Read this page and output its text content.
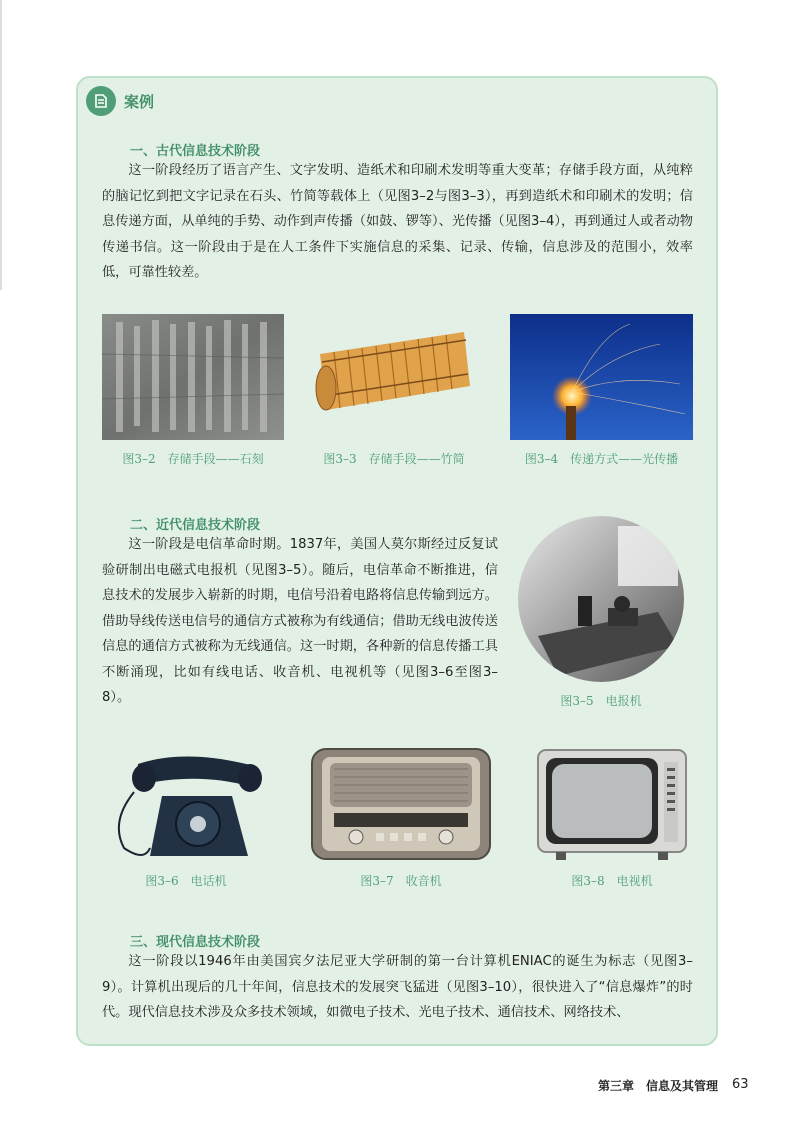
案例
一、古代信息技术阶段

这一阶段经历了语言产生、文字发明、造纸术和印刷术发明等重大变革；存储手段方面，从纯粹的脑记忆到把文字记录在石头、竹简等载体上（见图3–2与图3–3），再到造纸术和印刷术的发明；信息传递方面，从单纯的手势、动作到声传播（如鼓、锣等）、光传播（见图3–4），再到通过人或者动物传递书信。这一阶段由于是在人工条件下实施信息的采集、记录、传输，信息涉及的范围小，效率低，可靠性较差。

图3–2　存储手段——石刻	图3–3　存储手段——竹简	图3–4　传递方式——光传播
二、近代信息技术阶段

这一阶段是电信革命时期。1837年，美国人莫尔斯经过反复试验研制出电磁式电报机（见图3–5）。随后，电信革命不断推进，信息技术的发展步入崭新的时期，电信号沿着电路将信息传输到远方。借助导线传送电信号的通信方式被称为有线通信；借助无线电波传送信息的通信方式被称为无线通信。这一时期，各种新的信息传播工具不断涌现，比如有线电话、收音机、电视机等（见图3–6至图3–8）。	图3–5　电报机
图3–6　电话机	图3–7　收音机	图3–8　电视机
三、现代信息技术阶段

这一阶段以1946年由美国宾夕法尼亚大学研制的第一台计算机ENIAC的诞生为标志（见图3–9）。计算机出现后的几十年间，信息技术的发展突飞猛进（见图3–10），很快进入了“信息爆炸”的时代。现代信息技术涉及众多技术领域，如微电子技术、光电子技术、通信技术、网络技术、

第三章　信息及其管理 63
